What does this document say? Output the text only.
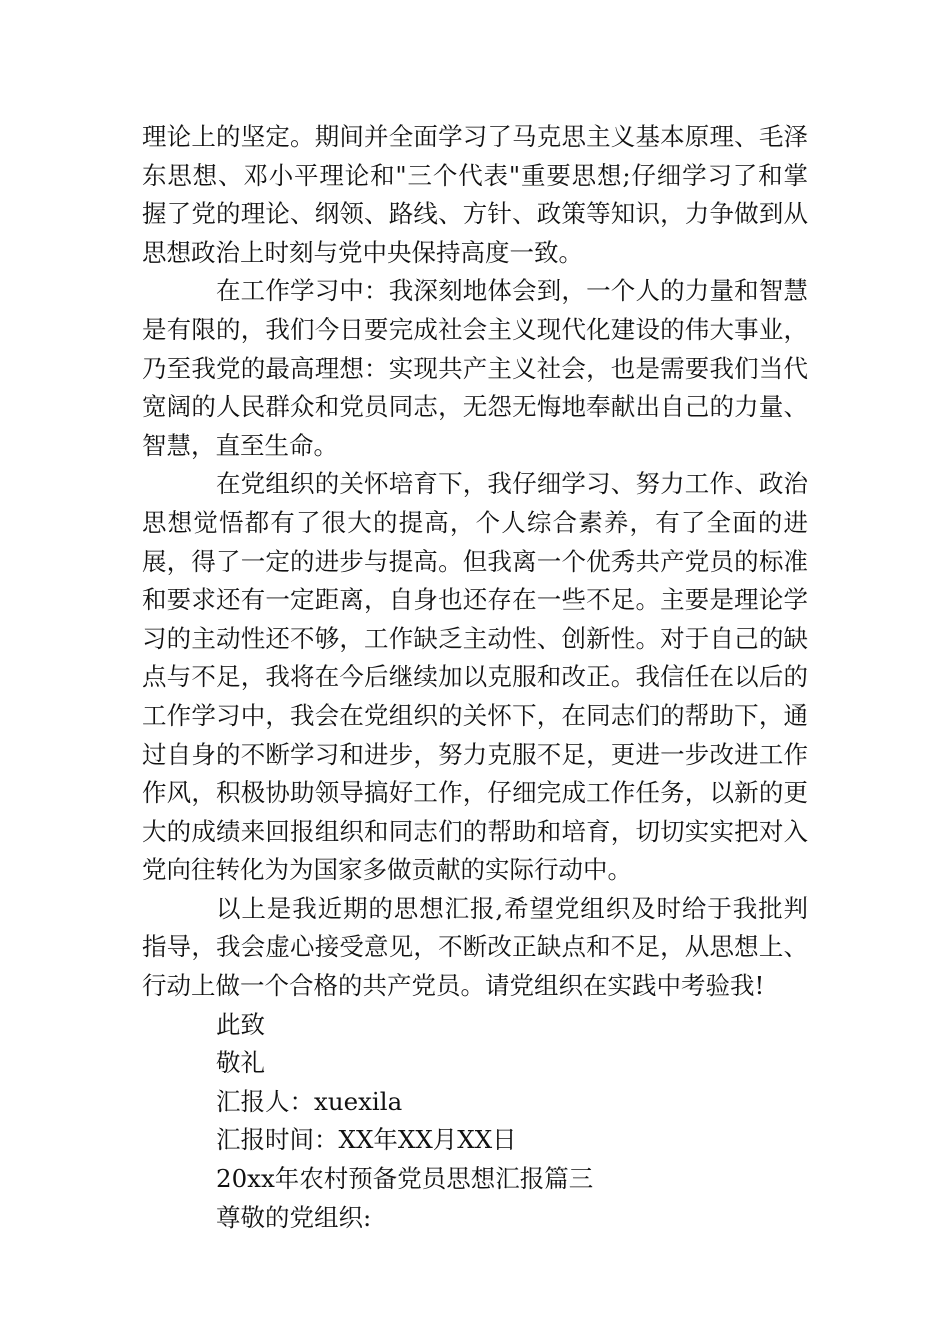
理论上的坚定。期间并全面学习了马克思主义基本原理、毛泽东思想、邓小平理论和"三个代表"重要思想;仔细学习了和掌握了党的理论、纲领、路线、方针、政策等知识，力争做到从思想政治上时刻与党中央保持高度一致。

在工作学习中：我深刻地体会到，一个人的力量和智慧是有限的，我们今日要完成社会主义现代化建设的伟大事业，乃至我党的最高理想：实现共产主义社会，也是需要我们当代宽阔的人民群众和党员同志，无怨无悔地奉献出自己的力量、智慧，直至生命。

在党组织的关怀培育下，我仔细学习、努力工作、政治思想觉悟都有了很大的提高，个人综合素养，有了全面的进展，得了一定的进步与提高。但我离一个优秀共产党员的标准和要求还有一定距离，自身也还存在一些不足。主要是理论学习的主动性还不够，工作缺乏主动性、创新性。对于自己的缺点与不足，我将在今后继续加以克服和改正。我信任在以后的工作学习中，我会在党组织的关怀下，在同志们的帮助下，通过自身的不断学习和进步，努力克服不足，更进一步改进工作作风，积极协助领导搞好工作，仔细完成工作任务，以新的更大的成绩来回报组织和同志们的帮助和培育，切切实实把对入党向往转化为为国家多做贡献的实际行动中。

以上是我近期的思想汇报,希望党组织及时给于我批判指导，我会虚心接受意见，不断改正缺点和不足，从思想上、行动上做一个合格的共产党员。请党组织在实践中考验我!

此致

敬礼

汇报人：xuexila

汇报时间：XX年XX月XX日

20xx年农村预备党员思想汇报篇三

尊敬的党组织:
